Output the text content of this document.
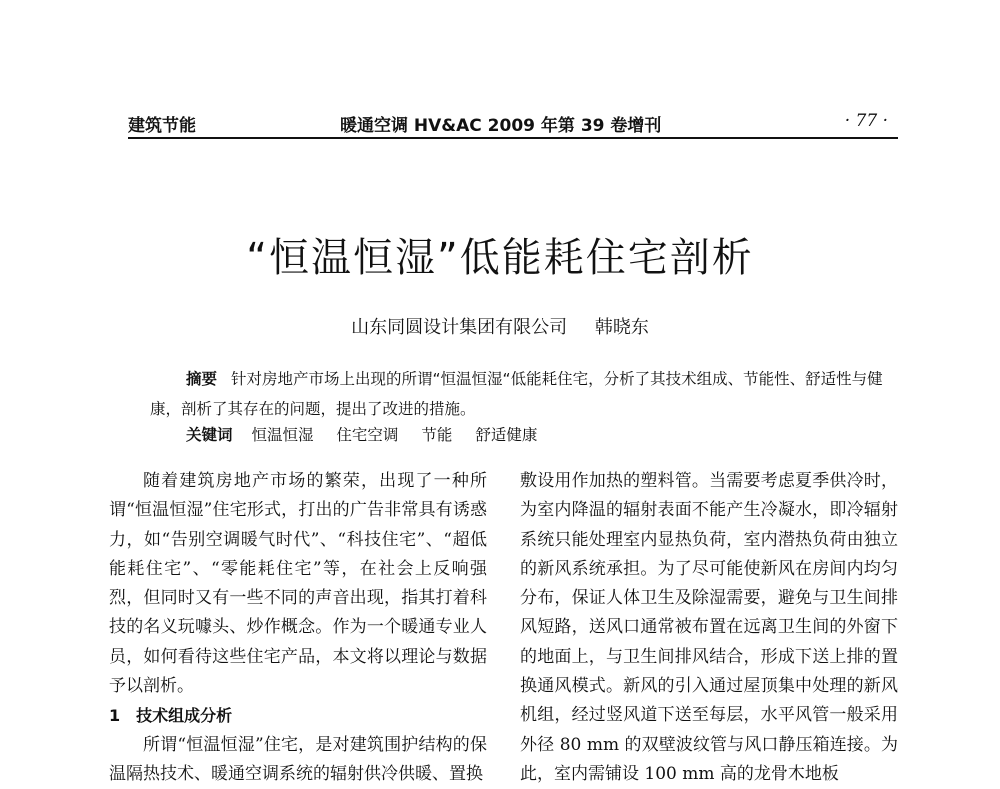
建筑节能	暖通空调 HV&AC 2009 年第 39 卷增刊	· 77 ·
“恒温恒湿”低能耗住宅剖析
山东同圆设计集团有限公司 韩晓东
摘要 针对房地产市场上出现的所谓“恒温恒湿“低能耗住宅，分析了其技术组成、节能性、舒适性与健康，剖析了其存在的问题，提出了改进的措施。
关键词 恒温恒湿 住宅空调 节能 舒适健康

随着建筑房地产市场的繁荣，出现了一种所谓“恒温恒湿”住宅形式，打出的广告非常具有诱惑力，如“告别空调暖气时代”、“科技住宅”、“超低能耗住宅”、“零能耗住宅”等，在社会上反响强烈，但同时又有一些不同的声音出现，指其打着科技的名义玩噱头、炒作概念。作为一个暖通专业人员，如何看待这些住宅产品，本文将以理论与数据予以剖析。

1　技术组成分析

所谓“恒温恒湿”住宅，是对建筑围护结构的保温隔热技术、暖通空调系统的辐射供冷供暖、置换

敷设用作加热的塑料管。当需要考虑夏季供冷时，为室内降温的辐射表面不能产生冷凝水，即冷辐射系统只能处理室内显热负荷，室内潜热负荷由独立的新风系统承担。为了尽可能使新风在房间内均匀分布，保证人体卫生及除湿需要，避免与卫生间排风短路，送风口通常被布置在远离卫生间的外窗下的地面上，与卫生间排风结合，形成下送上排的置换通风模式。新风的引入通过屋顶集中处理的新风机组，经过竖风道下送至每层，水平风管一般采用外径 80 mm 的双壁波纹管与风口静压箱连接。为此，室内需铺设 100 mm 高的龙骨木地板
